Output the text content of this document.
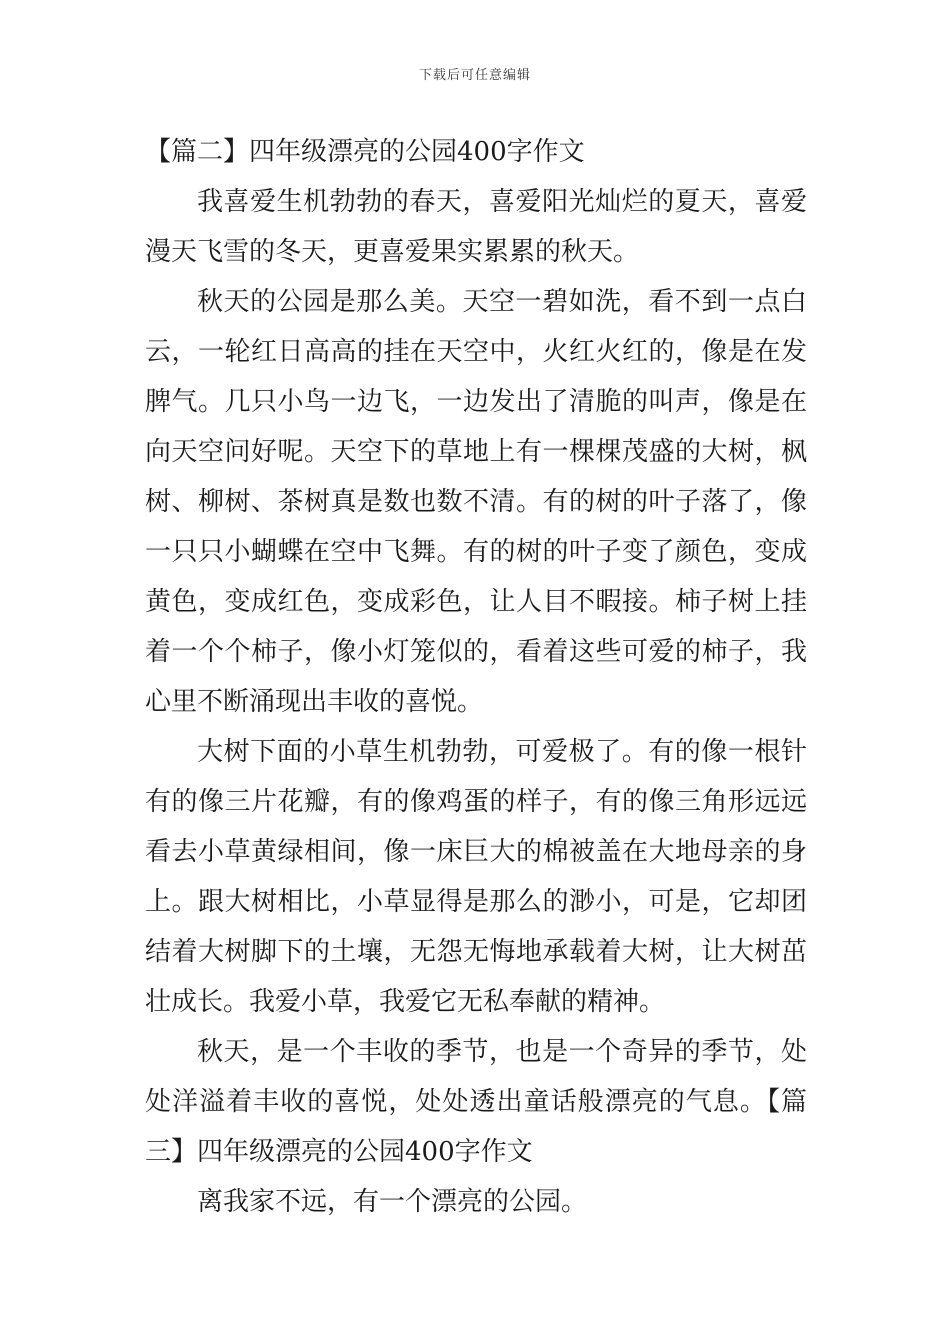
下载后可任意编辑

【篇二】四年级漂亮的公园400字作文

我喜爱生机勃勃的春天，喜爱阳光灿烂的夏天，喜爱漫天飞雪的冬天，更喜爱果实累累的秋天。

秋天的公园是那么美。天空一碧如洗，看不到一点白云，一轮红日高高的挂在天空中，火红火红的，像是在发脾气。几只小鸟一边飞，一边发出了清脆的叫声，像是在向天空问好呢。天空下的草地上有一棵棵茂盛的大树，枫树、柳树、茶树真是数也数不清。有的树的叶子落了，像一只只小蝴蝶在空中飞舞。有的树的叶子变了颜色，变成黄色，变成红色，变成彩色，让人目不暇接。柿子树上挂着一个个柿子，像小灯笼似的，看着这些可爱的柿子，我心里不断涌现出丰收的喜悦。

大树下面的小草生机勃勃，可爱极了。有的像一根针有的像三片花瓣，有的像鸡蛋的样子，有的像三角形远远看去小草黄绿相间，像一床巨大的棉被盖在大地母亲的身上。跟大树相比，小草显得是那么的渺小，可是，它却团结着大树脚下的土壤，无怨无悔地承载着大树，让大树茁壮成长。我爱小草，我爱它无私奉献的精神。

秋天，是一个丰收的季节，也是一个奇异的季节，处处洋溢着丰收的喜悦，处处透出童话般漂亮的气息。【篇三】四年级漂亮的公园400字作文

离我家不远，有一个漂亮的公园。
